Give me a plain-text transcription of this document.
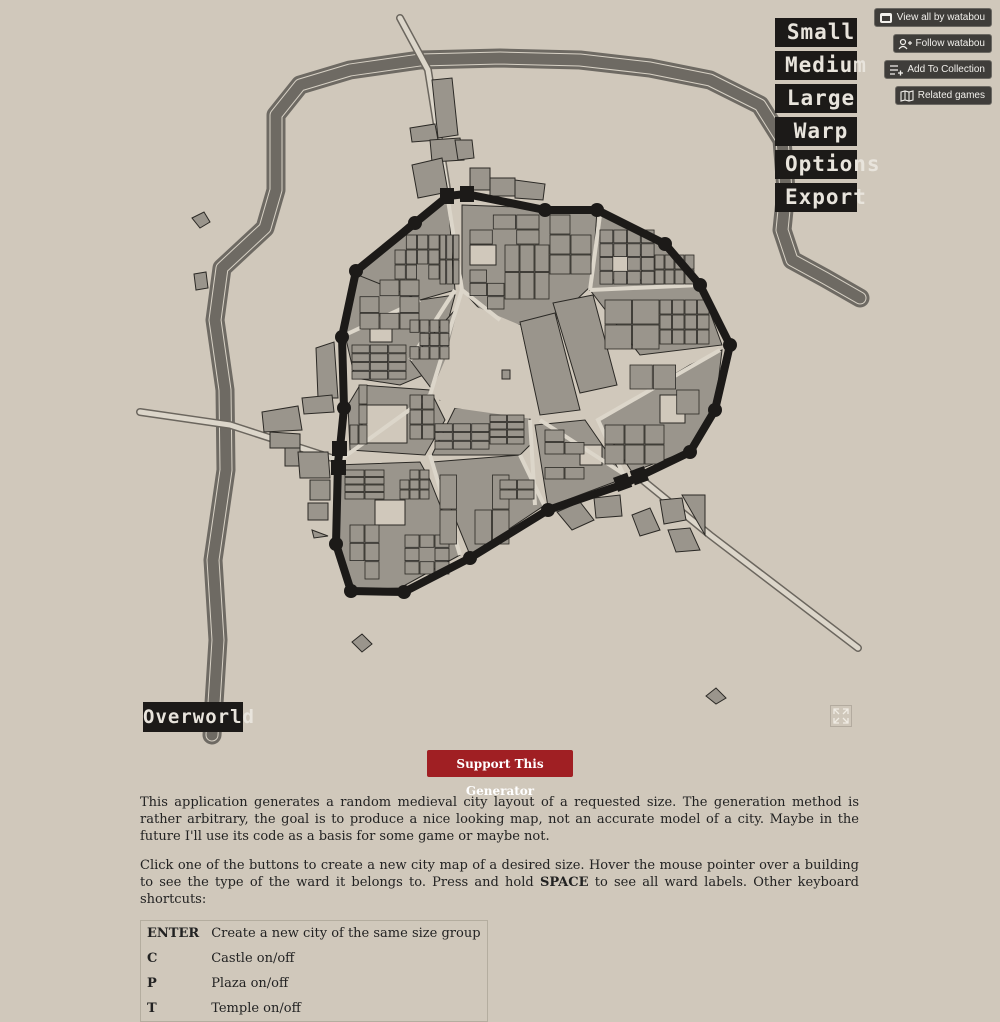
Small
Medium
Large
Warp
Options
Export
View all by watabou
Follow watabou
Add To Collection
Related games
Overworld
Support This Generator

This application generates a random medieval city layout of a requested size. The generation method is rather arbitrary, the goal is to produce a nice looking map, not an accurate model of a city. Maybe in the future I'll use its code as a basis for some game or maybe not.

Click one of the buttons to create a new city map of a desired size. Hover the mouse pointer over a building to see the type of the ward it belongs to. Press and hold SPACE to see all ward labels. Other keyboard shortcuts:

ENTER	Create a new city of the same size group
C	Castle on/off
P	Plaza on/off
T	Temple on/off
